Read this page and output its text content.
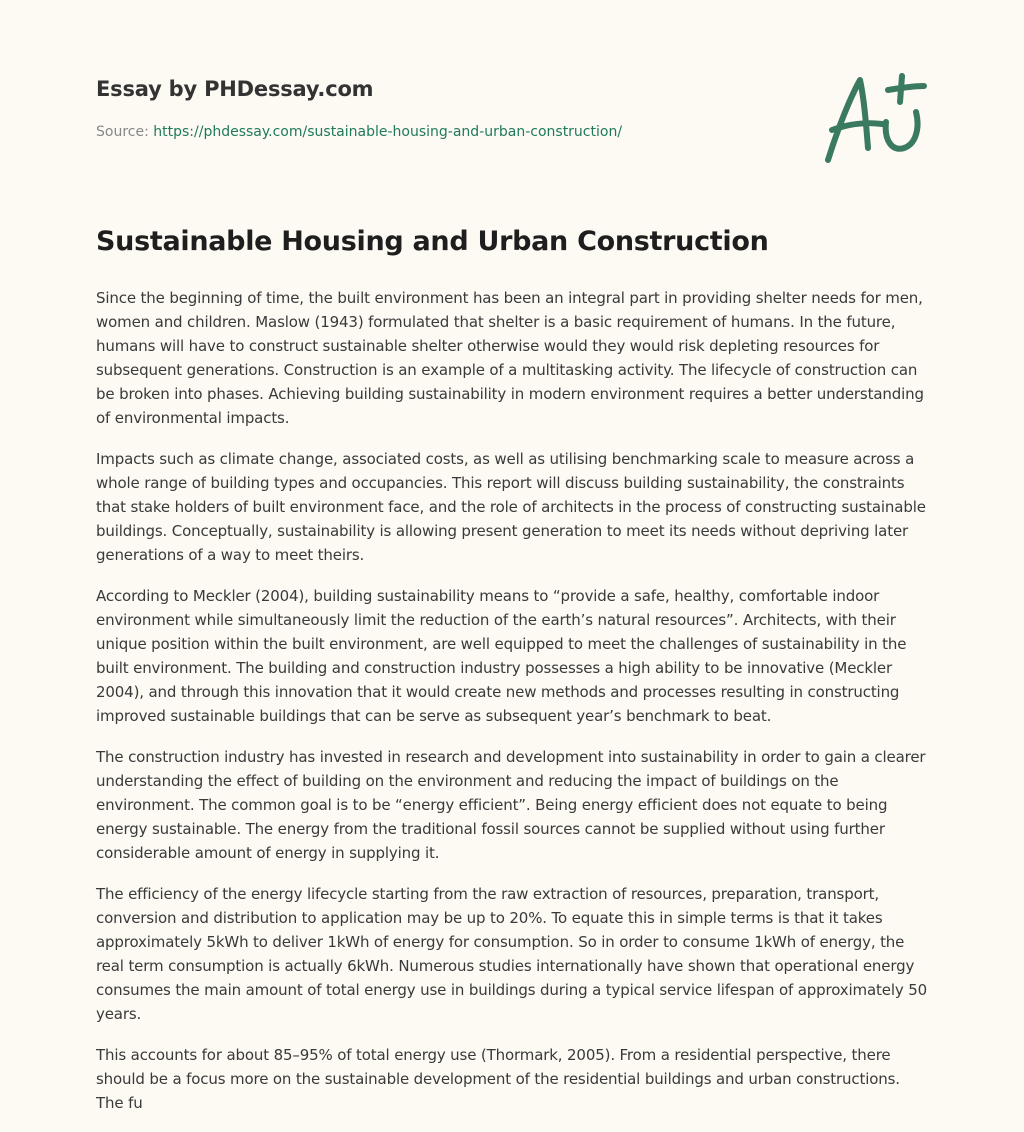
Essay by PHDessay.com
Source: https://phdessay.com/sustainable-housing-and-urban-construction/
Sustainable Housing and Urban Construction

Since the beginning of time, the built environment has been an integral part in providing shelter needs for men, women and children. Maslow (1943) formulated that shelter is a basic requirement of humans. In the future, humans will have to construct sustainable shelter otherwise would they would risk depleting resources for subsequent generations. Construction is an example of a multitasking activity. The lifecycle of construction can be broken into phases. Achieving building sustainability in modern environment requires a better understanding of environmental impacts.

Impacts such as climate change, associated costs, as well as utilising benchmarking scale to measure across a whole range of building types and occupancies. This report will discuss building sustainability, the constraints that stake holders of built environment face, and the role of architects in the process of constructing sustainable buildings. Conceptually, sustainability is allowing present generation to meet its needs without depriving later generations of a way to meet theirs.

According to Meckler (2004), building sustainability means to “provide a safe, healthy, comfortable indoor environment while simultaneously limit the reduction of the earth’s natural resources”. Architects, with their unique position within the built environment, are well equipped to meet the challenges of sustainability in the built environment. The building and construction industry possesses a high ability to be innovative (Meckler 2004), and through this innovation that it would create new methods and processes resulting in constructing improved sustainable buildings that can be serve as subsequent year’s benchmark to beat.

The construction industry has invested in research and development into sustainability in order to gain a clearer understanding the effect of building on the environment and reducing the impact of buildings on the environment. The common goal is to be “energy efficient”. Being energy efficient does not equate to being energy sustainable. The energy from the traditional fossil sources cannot be supplied without using further considerable amount of energy in supplying it.

The efficiency of the energy lifecycle starting from the raw extraction of resources, preparation, transport, conversion and distribution to application may be up to 20%. To equate this in simple terms is that it takes approximately 5kWh to deliver 1kWh of energy for consumption. So in order to consume 1kWh of energy, the real term consumption is actually 6kWh. Numerous studies internationally have shown that operational energy consumes the main amount of total energy use in buildings during a typical service lifespan of approximately 50 years.

This accounts for about 85–95% of total energy use (Thormark, 2005). From a residential perspective, there should be a focus more on the sustainable development of the residential buildings and urban constructions. The fu
